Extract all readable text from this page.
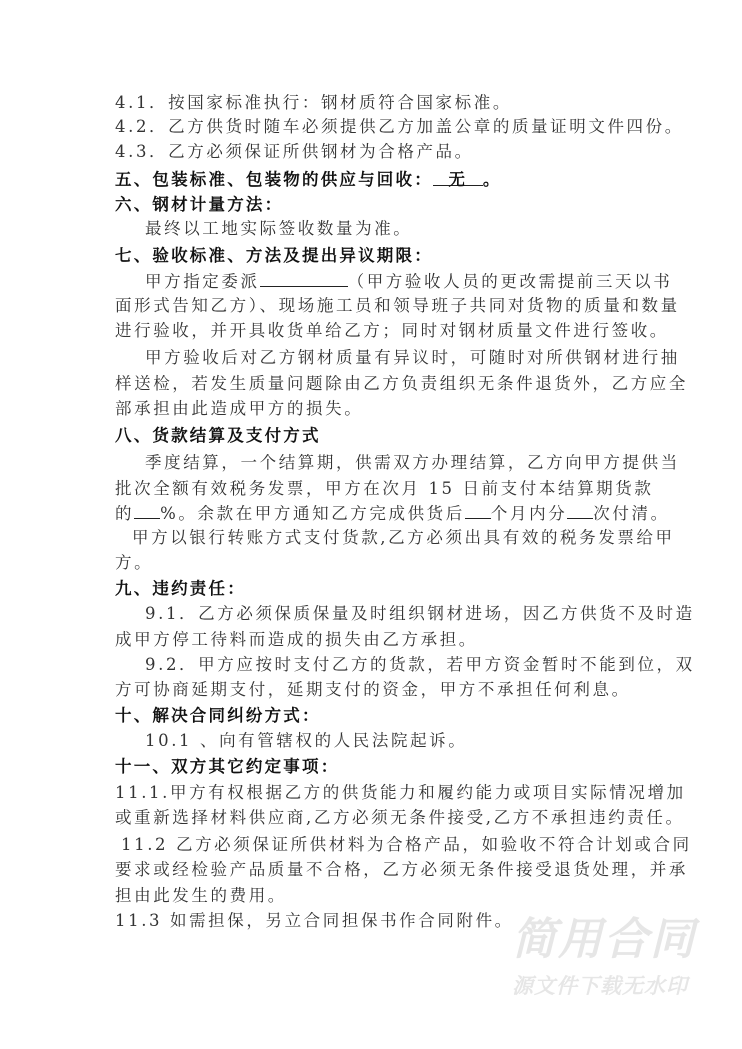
4.1．按国家标准执行：钢材质符合国家标准。
4.2．乙方供货时随车必须提供乙方加盖公章的质量证明文件四份。
4.3．乙方必须保证所供钢材为合格产品。
五、包装标准、包装物的供应与回收： 无 。
六、钢材计量方法：
最终以工地实际签收数量为准。
七、验收标准、方法及提出异议期限：
甲方指定委派	（甲方验收人员的更改需提前三天以书
面形式告知乙方）、现场施工员和领导班子共同对货物的质量和数量
进行验收，并开具收货单给乙方；同时对钢材质量文件进行签收。
甲方验收后对乙方钢材质量有异议时，可随时对所供钢材进行抽
样送检，若发生质量问题除由乙方负责组织无条件退货外，乙方应全
部承担由此造成甲方的损失。
八、货款结算及支付方式
季度结算，一个结算期，供需双方办理结算，乙方向甲方提供当
批次全额有效税务发票，甲方在次月 15 日前支付本结算期货款
的 %。余款在甲方通知乙方完成供货后 个月内分 次付清。
甲方以银行转账方式支付货款,乙方必须出具有效的税务发票给甲
方。
九、违约责任：
9.1．乙方必须保质保量及时组织钢材进场，因乙方供货不及时造
成甲方停工待料而造成的损失由乙方承担。
9.2．甲方应按时支付乙方的货款，若甲方资金暂时不能到位，双
方可协商延期支付，延期支付的资金，甲方不承担任何利息。
十、解决合同纠纷方式：
10.1 、向有管辖权的人民法院起诉。
十一、双方其它约定事项：
11.1.甲方有权根据乙方的供货能力和履约能力或项目实际情况增加
或重新选择材料供应商,乙方必须无条件接受,乙方不承担违约责任。
11.2 乙方必须保证所供材料为合格产品，如验收不符合计划或合同
要求或经检验产品质量不合格，乙方必须无条件接受退货处理，并承
担由此发生的费用。
11.3 如需担保，另立合同担保书作合同附件。
简用合同
源文件下载无水印
